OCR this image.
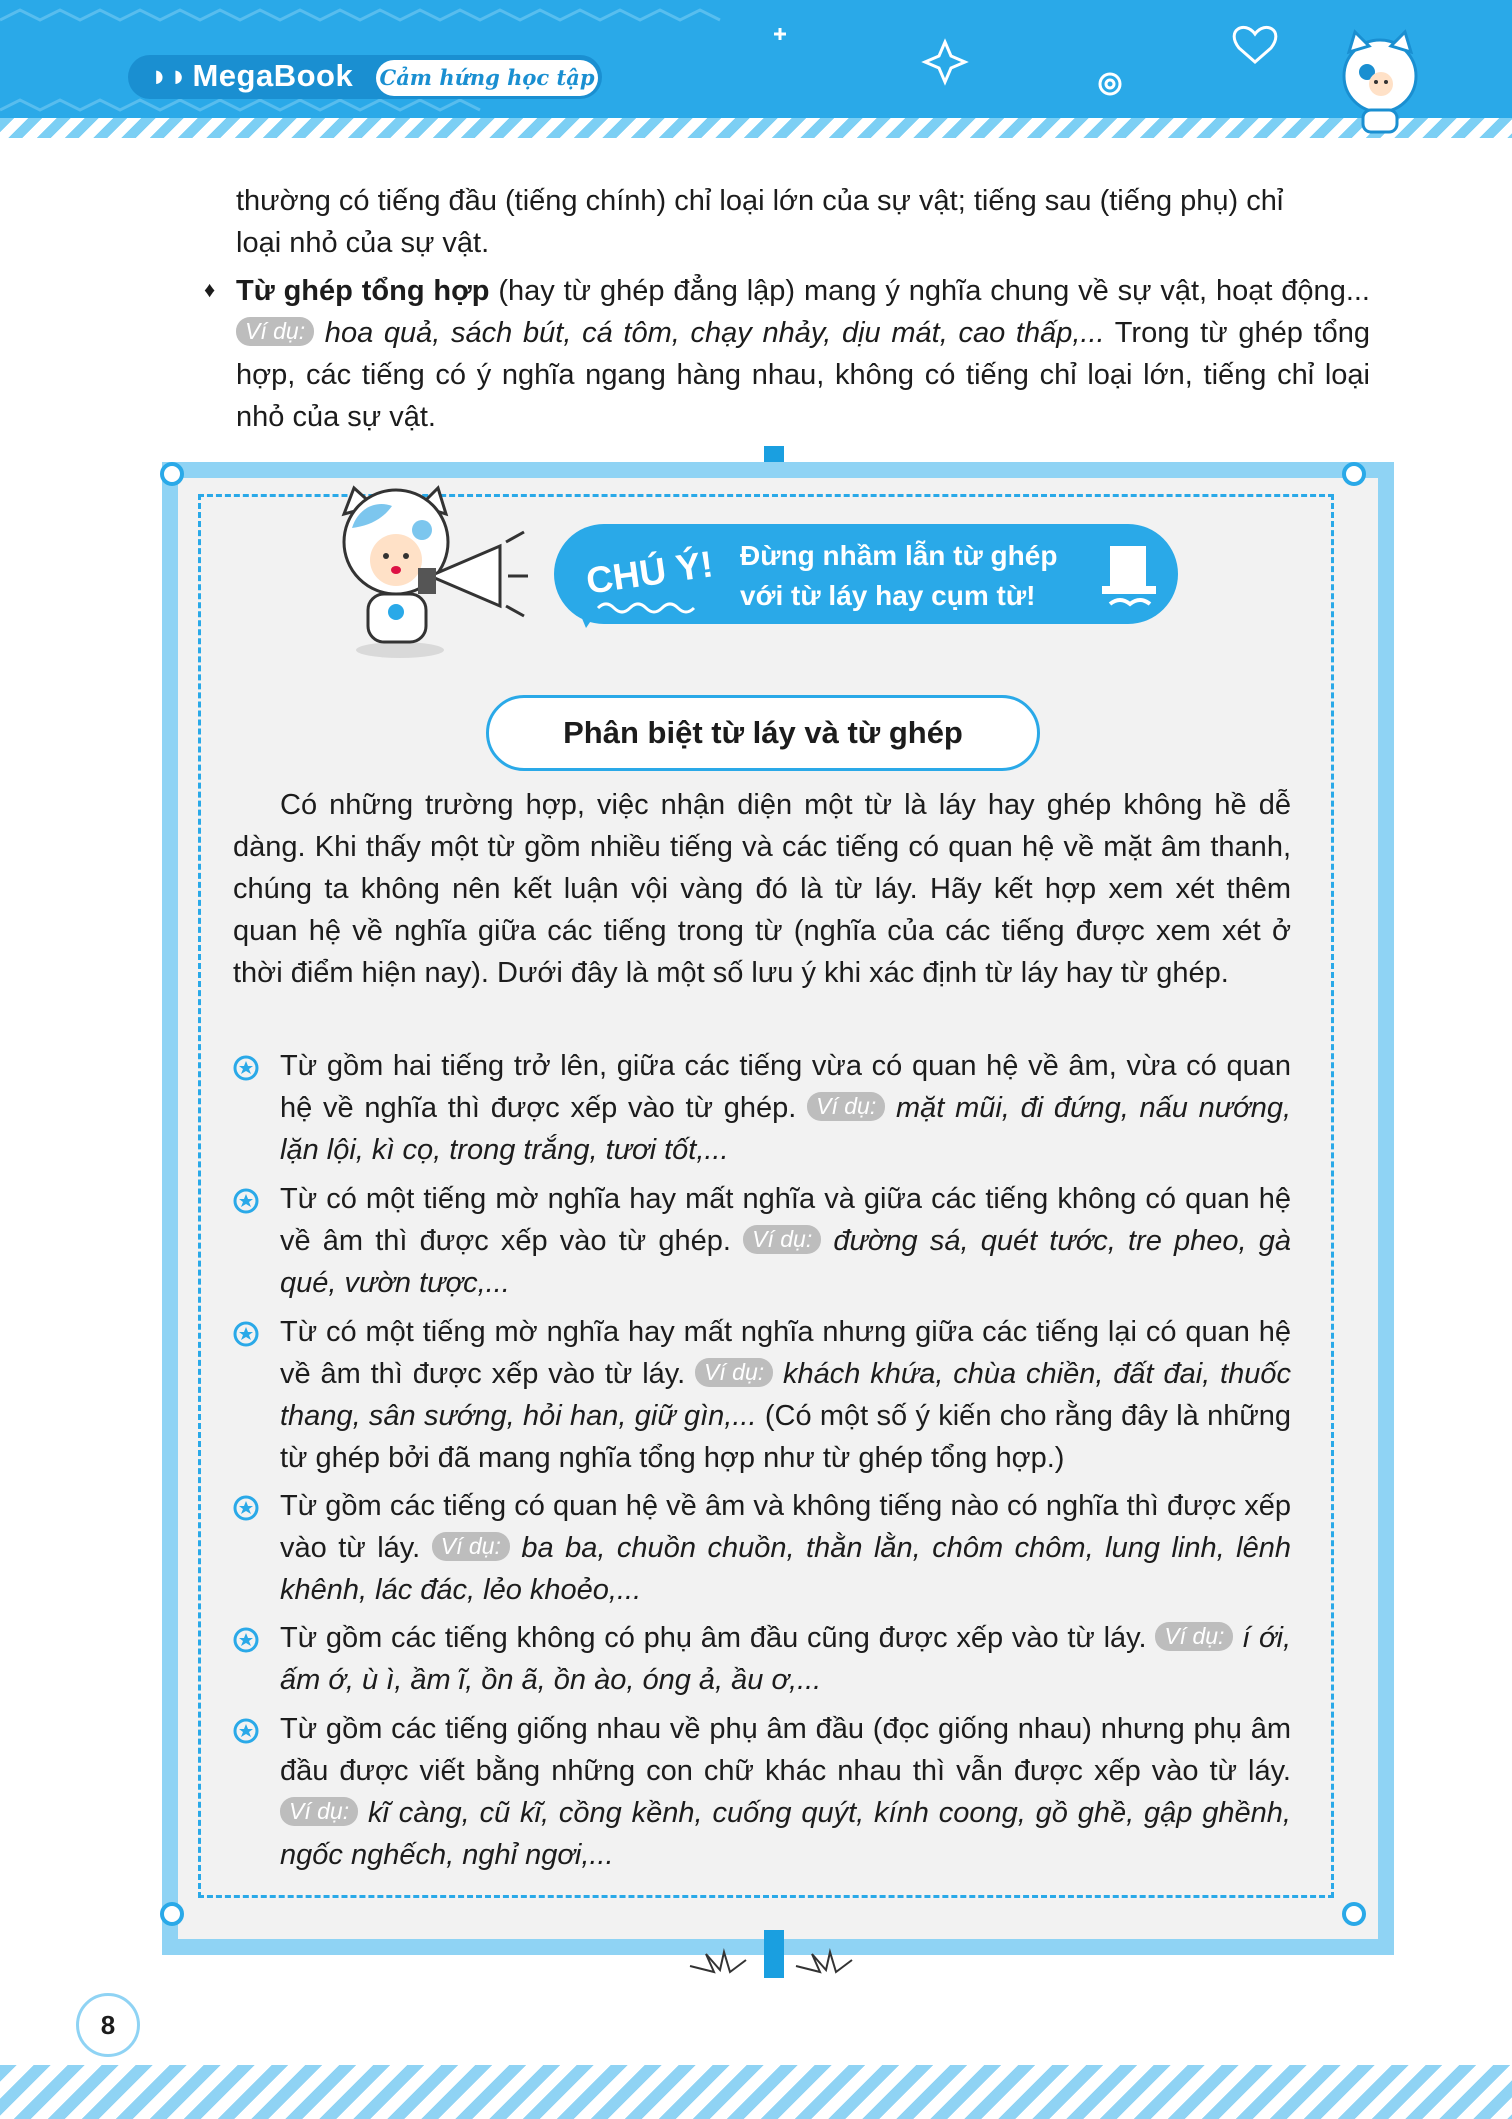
◗◗ MegaBook Cảm hứng học tập
thường có tiếng đầu (tiếng chính) chỉ loại lớn của sự vật; tiếng sau (tiếng phụ) chỉ
loại nhỏ của sự vật.
♦ Từ ghép tổng hợp (hay từ ghép đẳng lập) mang ý nghĩa chung về sự vật, hoạt động... Ví dụ: hoa quả, sách bút, cá tôm, chạy nhảy, dịu mát, cao thấp,... Trong từ ghép tổng hợp, các tiếng có ý nghĩa ngang hàng nhau, không có tiếng chỉ loại lớn, tiếng chỉ loại nhỏ của sự vật.
CHÚ Ý! Đừng nhầm lẫn từ ghép
với từ láy hay cụm từ!
Phân biệt từ láy và từ ghép
Có những trường hợp, việc nhận diện một từ là láy hay ghép không hề dễ dàng. Khi thấy một từ gồm nhiều tiếng và các tiếng có quan hệ về mặt âm thanh, chúng ta không nên kết luận vội vàng đó là từ láy. Hãy kết hợp xem xét thêm quan hệ về nghĩa giữa các tiếng trong từ (nghĩa của các tiếng được xem xét ở thời điểm hiện nay). Dưới đây là một số lưu ý khi xác định từ láy hay từ ghép.
Từ gồm hai tiếng trở lên, giữa các tiếng vừa có quan hệ về âm, vừa có quan hệ về nghĩa thì được xếp vào từ ghép. Ví dụ: mặt mũi, đi đứng, nấu nướng, lặn lội, kì cọ, trong trắng, tươi tốt,...
Từ có một tiếng mờ nghĩa hay mất nghĩa và giữa các tiếng không có quan hệ về âm thì được xếp vào từ ghép. Ví dụ: đường sá, quét tước, tre pheo, gà qué, vườn tược,...
Từ có một tiếng mờ nghĩa hay mất nghĩa nhưng giữa các tiếng lại có quan hệ về âm thì được xếp vào từ láy. Ví dụ: khách khứa, chùa chiền, đất đai, thuốc thang, sân sướng, hỏi han, giữ gìn,... (Có một số ý kiến cho rằng đây là những từ ghép bởi đã mang nghĩa tổng hợp như từ ghép tổng hợp.)
Từ gồm các tiếng có quan hệ về âm và không tiếng nào có nghĩa thì được xếp vào từ láy. Ví dụ: ba ba, chuồn chuồn, thằn lằn, chôm chôm, lung linh, lênh khênh, lác đác, lẻo khoẻo,...
Từ gồm các tiếng không có phụ âm đầu cũng được xếp vào từ láy. Ví dụ: í ới, ấm ớ, ù ì, ầm ĩ, ồn ã, ồn ào, óng ả, ầu ơ,...
Từ gồm các tiếng giống nhau về phụ âm đầu (đọc giống nhau) nhưng phụ âm đầu được viết bằng những con chữ khác nhau thì vẫn được xếp vào từ láy. Ví dụ: kĩ càng, cũ kĩ, cồng kềnh, cuống quýt, kính coong, gồ ghề, gập ghềnh, ngốc nghếch, nghỉ ngơi,...
8
